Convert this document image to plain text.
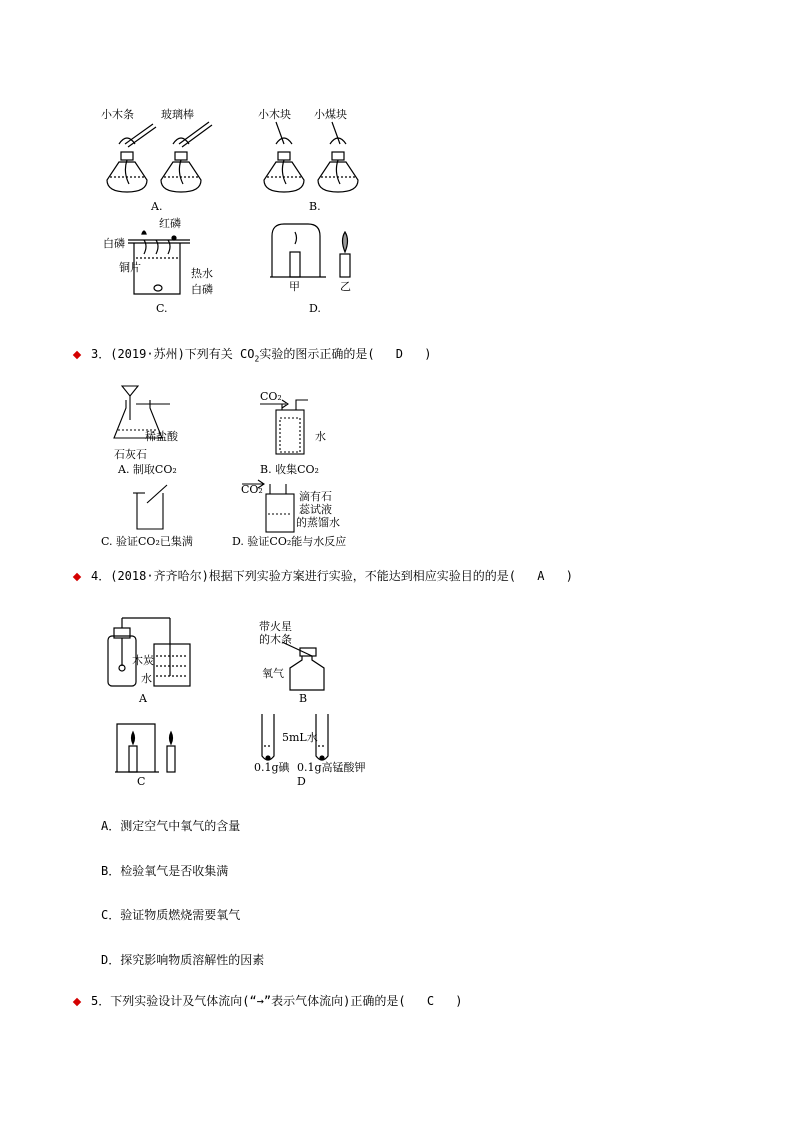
小木条 玻璃棒
A.
小木块 小煤块
B.
红磷
白磷
铜片	热水
白磷
C.
甲	乙
D.
3．(2019·苏州)下列有关 $CO_2$实验的图示正确的是( D )
稀盐酸
石灰石
A. 制取CO₂
CO₂
水
B. 收集CO₂
C. 验证CO₂已集满
CO₂
滴有石
蕊试液
的蒸馏水
D. 验证CO₂能与水反应
4．(2018·齐齐哈尔)根据下列实验方案进行实验，不能达到相应实验目的的是( A )
木炭
水
A
带火星
的木条
氧气
B
C
5mL水
0.1g碘 0.1g高锰酸钾
D
A．测定空气中氧气的含量
B．检验氧气是否收集满
C．验证物质燃烧需要氧气
D．探究影响物质溶解性的因素
5．下列实验设计及气体流向(“→”表示气体流向)正确的是( C )
